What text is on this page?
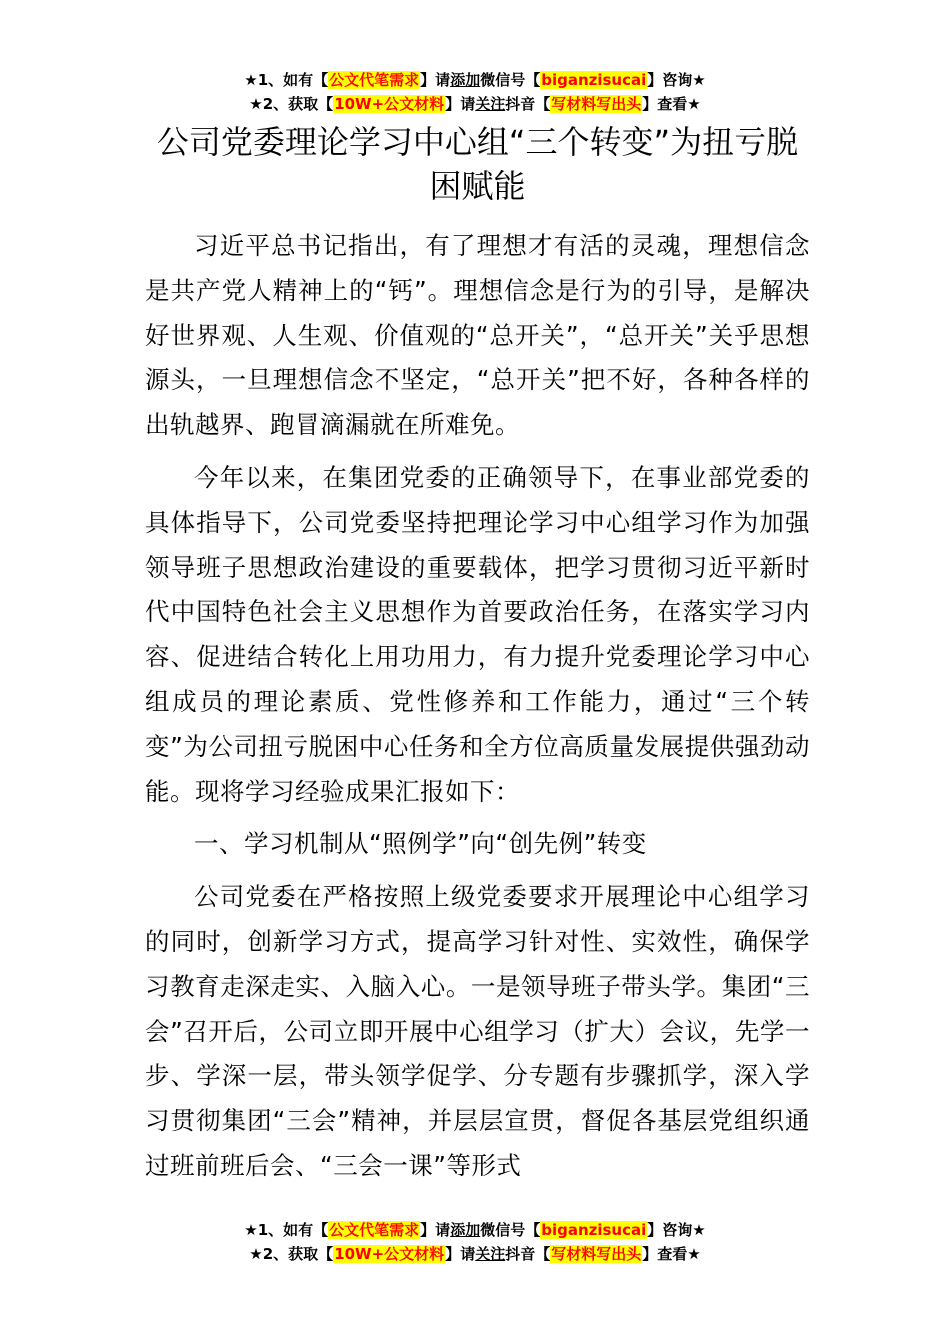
★1、如有【公文代笔需求】请添加微信号【biganzisucai】咨询★
★2、获取【10W+公文材料】请关注抖音【写材料写出头】查看★
公司党委理论学习中心组“三个转变”为扭亏脱困赋能

习近平总书记指出，有了理想才有活的灵魂，理想信念是共产党人精神上的“钙”。理想信念是行为的引导，是解决好世界观、人生观、价值观的“总开关”，“总开关”关乎思想源头，一旦理想信念不坚定，“总开关”把不好，各种各样的出轨越界、跑冒滴漏就在所难免。

今年以来，在集团党委的正确领导下，在事业部党委的具体指导下，公司党委坚持把理论学习中心组学习作为加强领导班子思想政治建设的重要载体，把学习贯彻习近平新时代中国特色社会主义思想作为首要政治任务，在落实学习内容、促进结合转化上用功用力，有力提升党委理论学习中心组成员的理论素质、党性修养和工作能力，通过“三个转变”为公司扭亏脱困中心任务和全方位高质量发展提供强劲动能。现将学习经验成果汇报如下：

一、学习机制从“照例学”向“创先例”转变

公司党委在严格按照上级党委要求开展理论中心组学习的同时，创新学习方式，提高学习针对性、实效性，确保学习教育走深走实、入脑入心。一是领导班子带头学。集团“三会”召开后，公司立即开展中心组学习（扩大）会议，先学一步、学深一层，带头领学促学、分专题有步骤抓学，深入学习贯彻集团“三会”精神，并层层宣贯，督促各基层党组织通过班前班后会、“三会一课”等形式

★1、如有【公文代笔需求】请添加微信号【biganzisucai】咨询★
★2、获取【10W+公文材料】请关注抖音【写材料写出头】查看★
